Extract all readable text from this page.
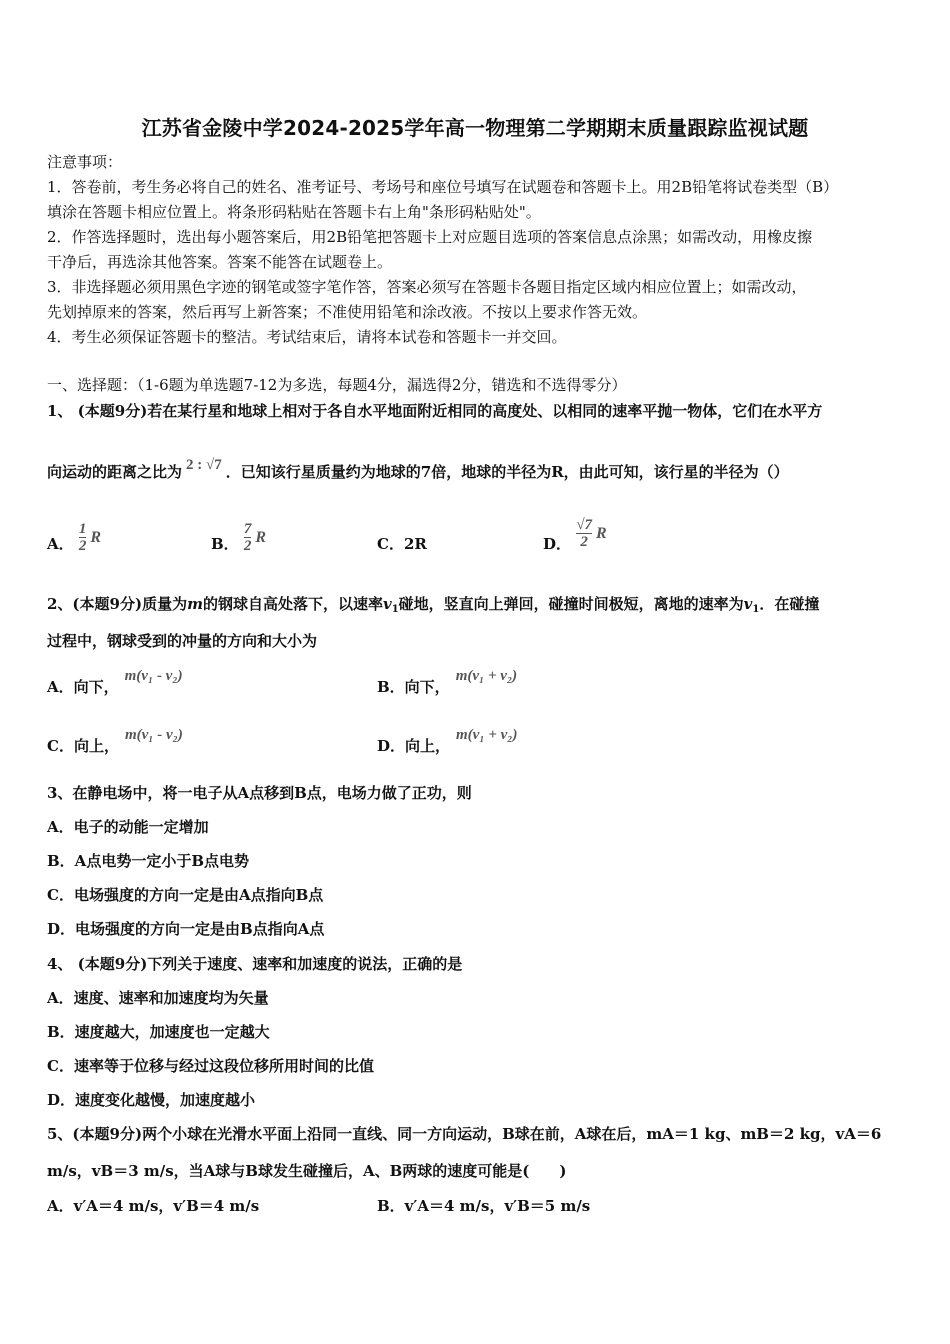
江苏省金陵中学2024-2025学年高一物理第二学期期末质量跟踪监视试题
注意事项：
1．答卷前，考生务必将自己的姓名、准考证号、考场号和座位号填写在试题卷和答题卡上。用2B铅笔将试卷类型（B）
填涂在答题卡相应位置上。将条形码粘贴在答题卡右上角"条形码粘贴处"。
2．作答选择题时，选出每小题答案后，用2B铅笔把答题卡上对应题目选项的答案信息点涂黑；如需改动，用橡皮擦
干净后，再选涂其他答案。答案不能答在试题卷上。
3．非选择题必须用黑色字迹的钢笔或签字笔作答，答案必须写在答题卡各题目指定区域内相应位置上；如需改动，
先划掉原来的答案，然后再写上新答案；不准使用铅笔和涂改液。不按以上要求作答无效。
4．考生必须保证答题卡的整洁。考试结束后，请将本试卷和答题卡一并交回。
一、选择题：（1-6题为单选题7-12为多选，每题4分，漏选得2分，错选和不选得零分）
1、 (本题9分)若在某行星和地球上相对于各自水平地面附近相同的高度处、以相同的速率平抛一物体，它们在水平方
向运动的距离之比为 2 : √7 ．已知该行星质量约为地球的7倍，地球的半径为R，由此可知，该行星的半径为（）
A． $\frac{1}{2}$ R	B． $\frac{7}{2}$ R	C．2R	D． $\frac{√7}{2}$ R
2、(本题9分)质量为m的钢球自高处落下，以速率$v_1$碰地，竖直向上弹回，碰撞时间极短，离地的速率为$v_1$．在碰撞
过程中，钢球受到的冲量的方向和大小为
A．向下，m(v₁ - v₂)
B．向下，m(v₁ + v₂)
C．向上，m(v₁ - v₂)
D．向上，m(v₁ + v₂)
3、在静电场中，将一电子从A点移到B点，电场力做了正功，则
A．电子的动能一定增加
B．A点电势一定小于B点电势
C．电场强度的方向一定是由A点指向B点
D．电场强度的方向一定是由B点指向A点
4、 (本题9分)下列关于速度、速率和加速度的说法，正确的是
A．速度、速率和加速度均为矢量
B．速度越大，加速度也一定越大
C．速率等于位移与经过这段位移所用时间的比值
D．速度变化越慢，加速度越小
5、(本题9分)两个小球在光滑水平面上沿同一直线、同一方向运动，B球在前，A球在后，mA＝1 kg、mB＝2 kg，vA＝6
m/s，vB＝3 m/s，当A球与B球发生碰撞后，A、B两球的速度可能是(　　)
A．v′A＝4 m/s，v′B＝4 m/s	B．v′A＝4 m/s，v′B＝5 m/s
